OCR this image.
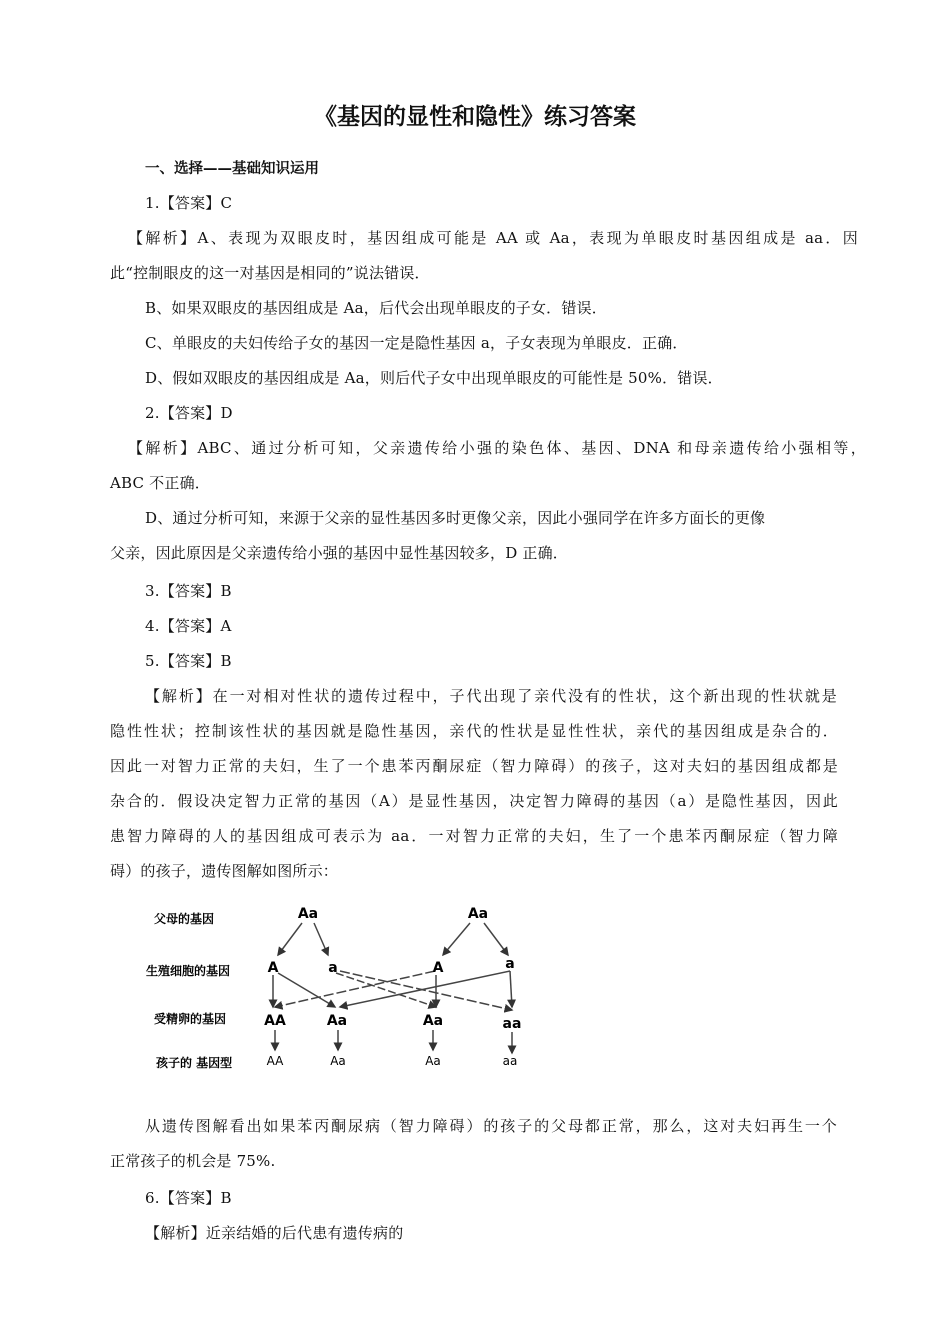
《基因的显性和隐性》练习答案
一、选择——基础知识运用
1.【答案】C
【解析】A、表现为双眼皮时，基因组成可能是 AA 或 Aa，表现为单眼皮时基因组成是 aa．因
此“控制眼皮的这一对基因是相同的”说法错误．
B、如果双眼皮的基因组成是 Aa，后代会出现单眼皮的子女．错误．
C、单眼皮的夫妇传给子女的基因一定是隐性基因 a，子女表现为单眼皮．正确．
D、假如双眼皮的基因组成是 Aa，则后代子女中出现单眼皮的可能性是 50%．错误．
2.【答案】D
【解析】ABC、通过分析可知，父亲遗传给小强的染色体、基因、DNA 和母亲遗传给小强相等，
ABC 不正确．
D、通过分析可知，来源于父亲的显性基因多时更像父亲，因此小强同学在许多方面长的更像
父亲，因此原因是父亲遗传给小强的基因中显性基因较多，D 正确．
3.【答案】B
4.【答案】A
5.【答案】B
【解析】在一对相对性状的遗传过程中，子代出现了亲代没有的性状，这个新出现的性状就是
隐性性状；控制该性状的基因就是隐性基因，亲代的性状是显性性状，亲代的基因组成是杂合的．
因此一对智力正常的夫妇，生了一个患苯丙酮尿症（智力障碍）的孩子，这对夫妇的基因组成都是
杂合的．假设决定智力正常的基因（A）是显性基因，决定智力障碍的基因（a）是隐性基因，因此
患智力障碍的人的基因组成可表示为 aa．一对智力正常的夫妇，生了一个患苯丙酮尿症（智力障
碍）的孩子，遗传图解如图所示：
从遗传图解看出如果苯丙酮尿病（智力障碍）的孩子的父母都正常，那么，这对夫妇再生一个
正常孩子的机会是 75%.
6.【答案】B
【解析】近亲结婚的后代患有遗传病的
父母的基因
生殖细胞的基因
受精卵的基因
孩子的 基因型
Aa	Aa
A	a	A	a
AA	Aa	Aa	aa
AA	Aa	Aa	aa
